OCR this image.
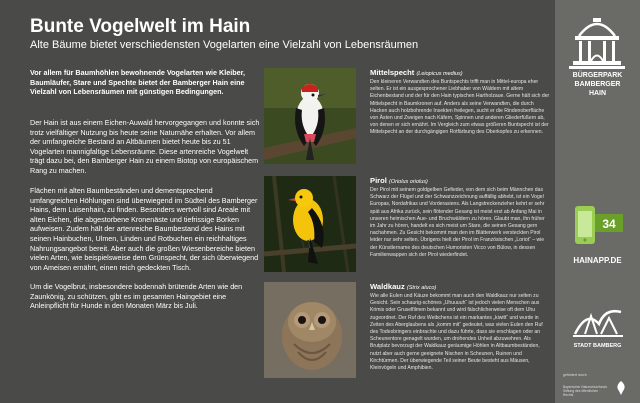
Bunte Vogelwelt im Hain
Alte Bäume bietet verschiedensten Vogelarten eine Vielzahl von Lebensräumen
Vor allem für Baumhöhlen bewohnende Vogelarten wie Kleiber, Baumläufer, Stare und Spechte bietet der Bamberger Hain eine Vielzahl von Lebensräumen mit günstigen Bedingungen.
Der Hain ist aus einem Eichen-Auwald hervorgegangen und konnte sich trotz vielfältiger Nutzung bis heute seine Naturnähe erhalten. Vor allem der umfangreiche Bestand an Altbäumen bietet heute bis zu 51 Vogelarten mannigfaltige Lebensräume. Diese artenreiche Vogelwelt trägt dazu bei, den Bamberger Hain zu einem Biotop von europäischem Rang zu machen.
Flächen mit alten Baumbeständen und dementsprechend umfangreichen Höhlungen sind überwiegend im Südteil des Bamberger Hains, dem Luisenhain, zu finden. Besonders wertvoll sind Areale mit alten Eichen, die abgestorbene Kronenäste und tiefrissige Borken aufweisen. Zudem hält der artenreiche Baumbestand des Hains mit seinen Hainbuchen, Ulmen, Linden und Rotbuchen ein reichhaltiges Nahrungsangebot bereit. Aber auch die großen Wiesenbereiche bieten vielen Arten, wie beispielsweise dem Grünspecht, der sich überwiegend von Ameisen ernährt, einen reich gedeckten Tisch.
Um die Vogelbrut, insbesondere bodennah brütende Arten wie den Zaunkönig, zu schützen, gibt es im gesamten Haingebiet eine Anleinpflicht für Hunde in den Monaten März bis Juli.
Mittelspecht (Leiopicus medius)
Den kleineren Verwandten des Buntspechts trifft man in Mittel-europa eher selten. Er ist ein ausgesprochener Liebhaber von Wäldern mit altem Eichenbestand und der für den Hain typischen Hartholzaue. Gerne hält sich der Mittelspecht in Baumkronen auf. Anders als seine Verwandten, die durch Hacken auch holzbohrende Insekten freilegen, sucht er die Rindenoberfläche von Ästen und Zweigen nach Käfern, Spinnen und anderen Gliederfüßern ab, von denen er sich ernährt. Im Vergleich zum etwas größeren Buntspecht ist der Mittelspecht an der durchgängigen Rotfärbung des Oberkopfes zu erkennen.
Pirol (Oriolus oriolus)
Der Pirol mit seinem goldgelben Gefieder, von dem sich beim Männchen das Schwarz der Flügel und der Schwanzzeichnung auffällig abhebt, ist ein Vogel Europas, Nordafrikas und Vorderasiens. Als Langstreckenzieher kehrt er sehr spät aus Afrika zurück, sein flötender Gesang ist meist erst ab Anfang Mai in unseren heimischen Aue- und Bruchwäldern zu hören. Glaubt man, ihn früher im Jahr zu hören, handelt es sich meist um Stare, die seinen Gesang gern nachahmen. Zu Gesicht bekommt man den im Blätterwerk versteckten Pirol leider nur sehr selten. Übrigens hielt der Pirol im Französischen „Loriot“ – wie der Künstlername des deutschen Humoristen Vicco von Bülow, in dessen Familienwappen sich der Pirol wiederfindet.
Waldkauz (Strix aluco)
Wie alle Eulen und Käuze bekommt man auch den Waldkauz nur selten zu Gesicht. Sein schaurig-schönes „Uhuuuuh“ ist jedoch vielen Menschen aus Krimis oder Gruselfilmen bekannt und wird fälschlicherweise oft dem Uhu zugeordnet. Der Ruf des Weibchens ist ein markantes „kiwitt“ und wurde in Zeiten des Aberglaubens als „komm mit“ gedeutet, was vielen Eulen den Ruf des Todesbringers einbrachte und dazu führte, dass sie erschlagen oder an Scheunentore genagelt wurden, um drohendes Unheil abzuwehren. Als Brutplatz bevorzugt der Waldkauz geräumige Höhlen in Altbaumbeständen, nutzt aber auch gerne geeignete Nischen in Scheunen, Ruinen und Kirchtürmen. Der überwiegende Teil seiner Beute besteht aus Mäusen, Kleinvögeln und Amphibien.
BÜRGERPARK
BAMBERGER
HAIN
34
HAINAPP.DE
STADT BAMBERG
gefördert durch
Bayerischer Naturschutzfonds Stiftung des öffentlichen Rechts
